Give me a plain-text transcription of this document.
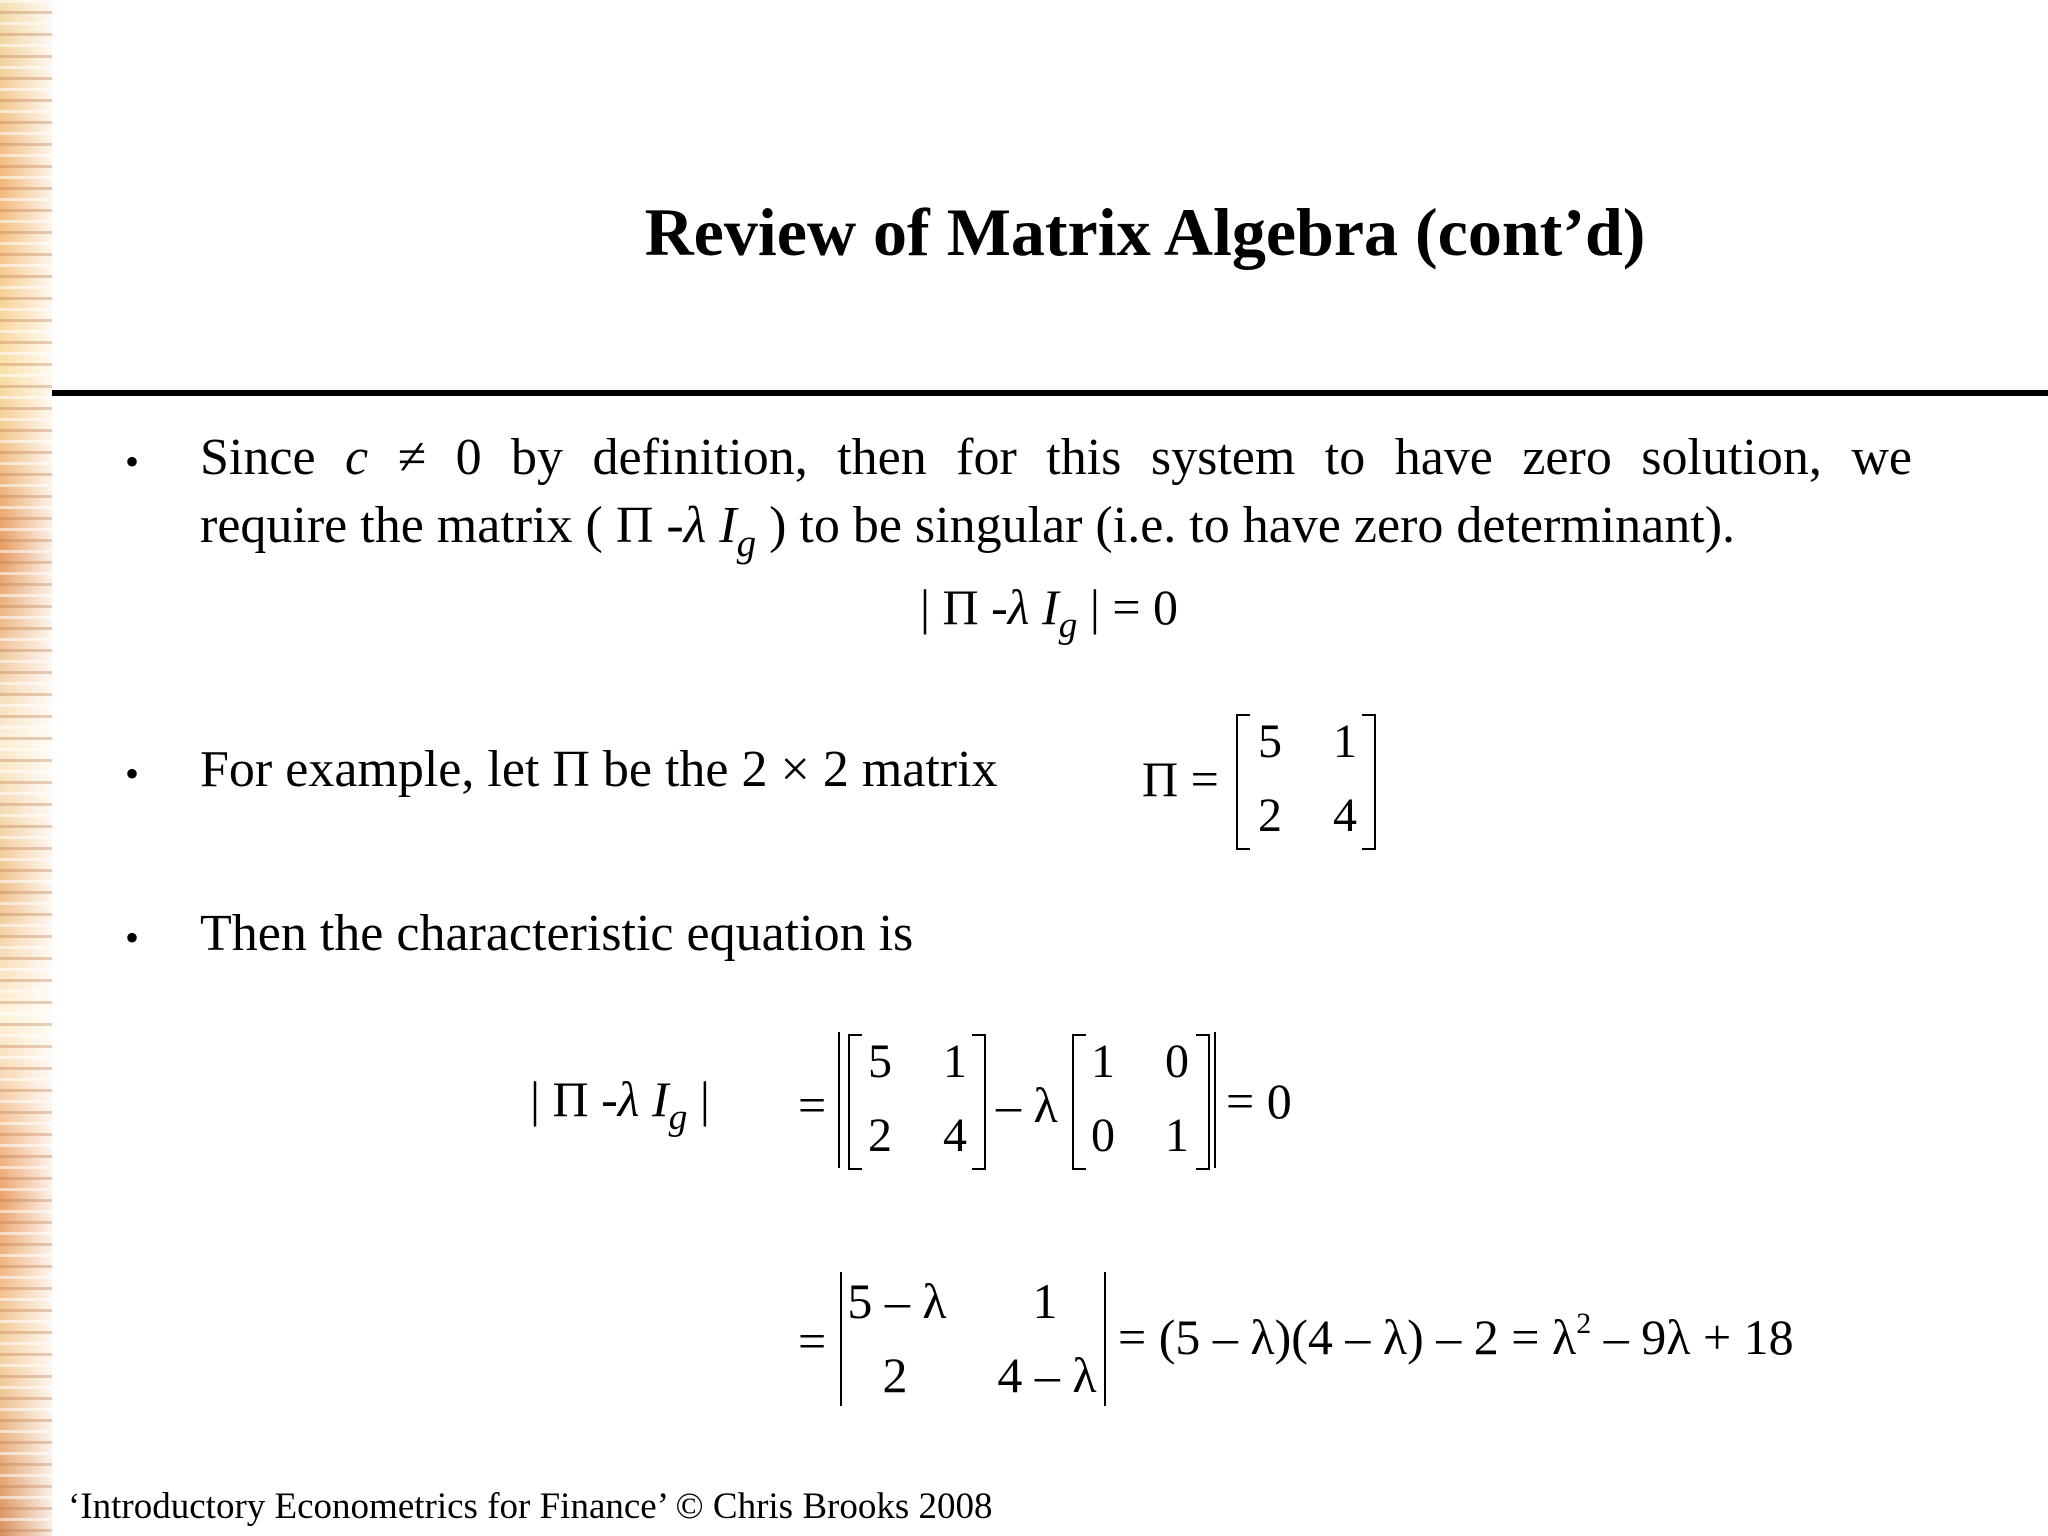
Review of Matrix Algebra (cont’d)
• Since c ≠ 0 by definition, then for this system to have zero solution, we
require the matrix ( Π -λ $I_g$ ) to be singular (i.e. to have zero determinant).
| Π -λ $I_g$ | = 0
• For example, let Π be the 2 × 2 matrix	Π =
5 1
2 4
• Then the characteristic equation is
| Π -λ $I_g$ | =
5 1
2 4
– λ
1 0
0 1
= 0
=
5 – λ	1
2	4 – λ
= $(5 - \lambda)(4 - \lambda) - 2 = \lambda^2 - 9\lambda + 18$
‘Introductory Econometrics for Finance’ © Chris Brooks 2008
